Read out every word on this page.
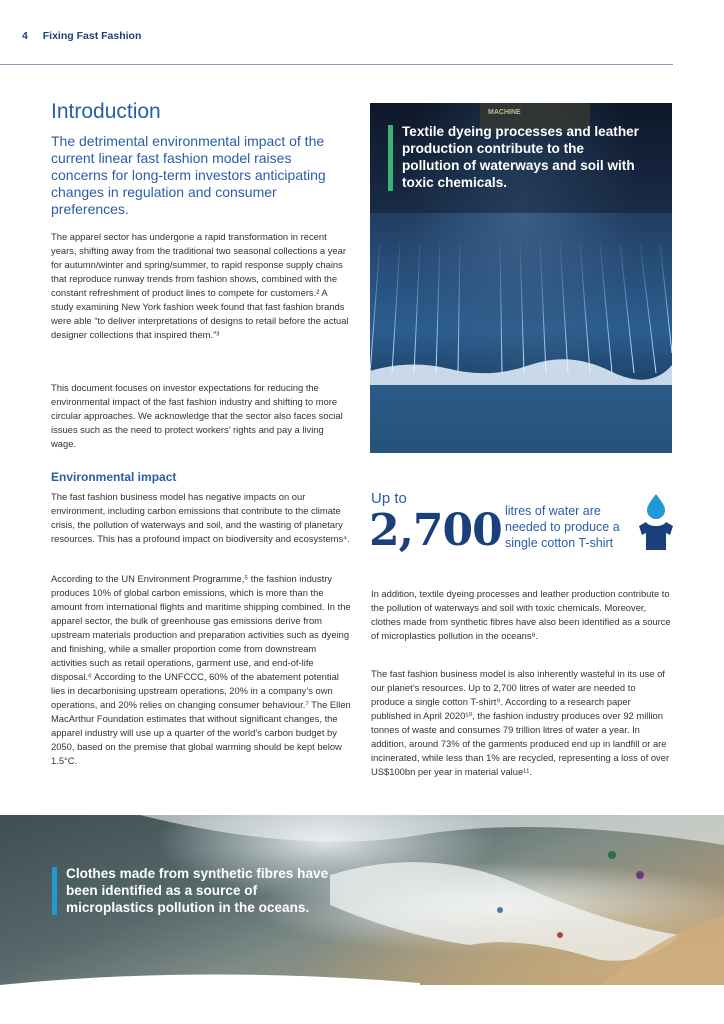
4 Fixing Fast Fashion
Introduction

The detrimental environmental impact of the current linear fast fashion model raises concerns for long-term investors anticipating changes in regulation and consumer preferences.

The apparel sector has undergone a rapid transformation in recent years, shifting away from the traditional two seasonal collections a year for autumn/winter and spring/summer, to rapid response supply chains that reproduce runway trends from fashion shows, combined with the constant refreshment of product lines to compete for customers.² A study examining New York fashion week found that fast fashion brands were able “to deliver interpretations of designs to retail before the actual designer collections that inspired them.”³

This document focuses on investor expectations for reducing the environmental impact of the fast fashion industry and shifting to more circular approaches. We acknowledge that the sector also faces social issues such as the need to protect workers’ rights and pay a living wage.

Environmental impact

The fast fashion business model has negative impacts on our environment, including carbon emissions that contribute to the climate crisis, the pollution of waterways and soil, and the wasting of planetary resources. This has a profound impact on biodiversity and ecosystems⁴.

According to the UN Environment Programme,⁵ the fashion industry produces 10% of global carbon emissions, which is more than the amount from international flights and maritime shipping combined. In the apparel sector, the bulk of greenhouse gas emissions derive from upstream materials production and preparation activities such as dyeing and finishing, while a smaller proportion come from downstream activities such as retail operations, garment use, and end-of-life disposal.⁶ According to the UNFCCC, 60% of the abatement potential lies in decarbonising upstream operations, 20% in a company’s own operations, and 20% relies on changing consumer behaviour.⁷ The Ellen MacArthur Foundation estimates that without significant changes, the apparel industry will use up a quarter of the world’s carbon budget by 2050, based on the premise that global warming should be kept below 1.5°C.

MACHINE
Textile dyeing processes and leather production contribute to the pollution of waterways and soil with toxic chemicals.
Up to
2,700 litres of water are needed to produce a single cotton T-shirt

In addition, textile dyeing processes and leather production contribute to the pollution of waterways and soil with toxic chemicals. Moreover, clothes made from synthetic fibres have also been identified as a source of microplastics pollution in the oceans⁸.

The fast fashion business model is also inherently wasteful in its use of our planet’s resources. Up to 2,700 litres of water are needed to produce a single cotton T-shirt⁹. According to a research paper published in April 2020¹⁰, the fashion industry produces over 92 million tonnes of waste and consumes 79 trillion litres of water a year. In addition, around 73% of the garments produced end up in landfill or are incinerated, while less than 1% are recycled, representing a loss of over US$100bn per year in material value¹¹.

Clothes made from synthetic fibres have been identified as a source of microplastics pollution in the oceans.
